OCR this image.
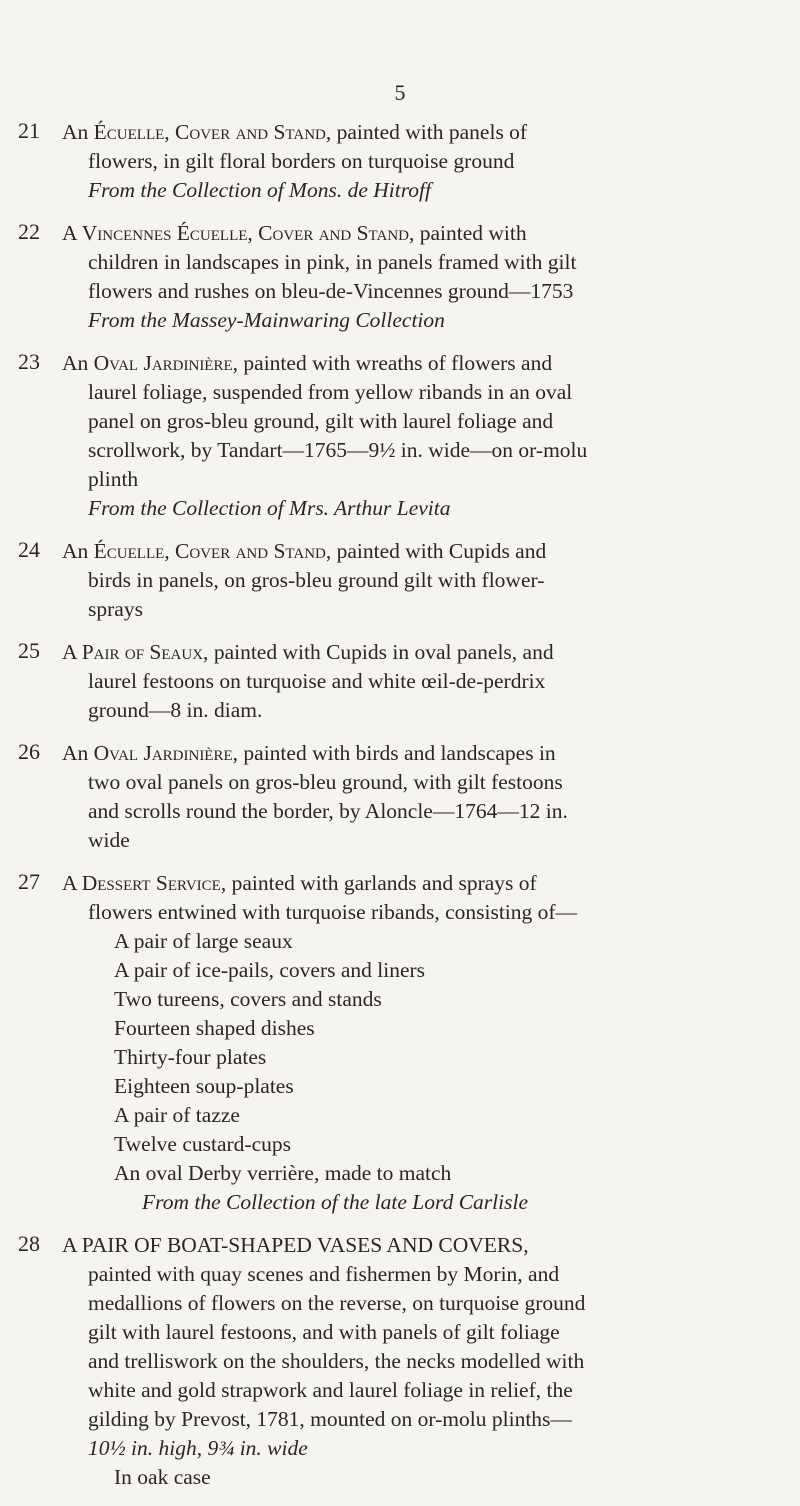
5
21 An Écuelle, Cover and Stand, painted with panels of
flowers, in gilt floral borders on turquoise ground
From the Collection of Mons. de Hitroff
22 A Vincennes Écuelle, Cover and Stand, painted with
children in landscapes in pink, in panels framed with gilt
flowers and rushes on bleu-de-Vincennes ground—1753
From the Massey-Mainwaring Collection
23 An Oval Jardinière, painted with wreaths of flowers and
laurel foliage, suspended from yellow ribands in an oval
panel on gros-bleu ground, gilt with laurel foliage and
scrollwork, by Tandart—1765—9½ in. wide—on or-molu
plinth
From the Collection of Mrs. Arthur Levita
24 An Écuelle, Cover and Stand, painted with Cupids and
birds in panels, on gros-bleu ground gilt with flower-
sprays
25 A Pair of Seaux, painted with Cupids in oval panels, and
laurel festoons on turquoise and white œil-de-perdrix
ground—8 in. diam.
26 An Oval Jardinière, painted with birds and landscapes in
two oval panels on gros-bleu ground, with gilt festoons
and scrolls round the border, by Aloncle—1764—12 in.
wide
27 A Dessert Service, painted with garlands and sprays of
flowers entwined with turquoise ribands, consisting of—
A pair of large seaux
A pair of ice-pails, covers and liners
Two tureens, covers and stands
Fourteen shaped dishes
Thirty-four plates
Eighteen soup-plates
A pair of tazze
Twelve custard-cups
An oval Derby verrière, made to match
From the Collection of the late Lord Carlisle
28 A PAIR OF BOAT-SHAPED VASES AND COVERS,
painted with quay scenes and fishermen by Morin, and
medallions of flowers on the reverse, on turquoise ground
gilt with laurel festoons, and with panels of gilt foliage
and trelliswork on the shoulders, the necks modelled with
white and gold strapwork and laurel foliage in relief, the
gilding by Prevost, 1781, mounted on or-molu plinths—
10½ in. high, 9¾ in. wide
In oak case
